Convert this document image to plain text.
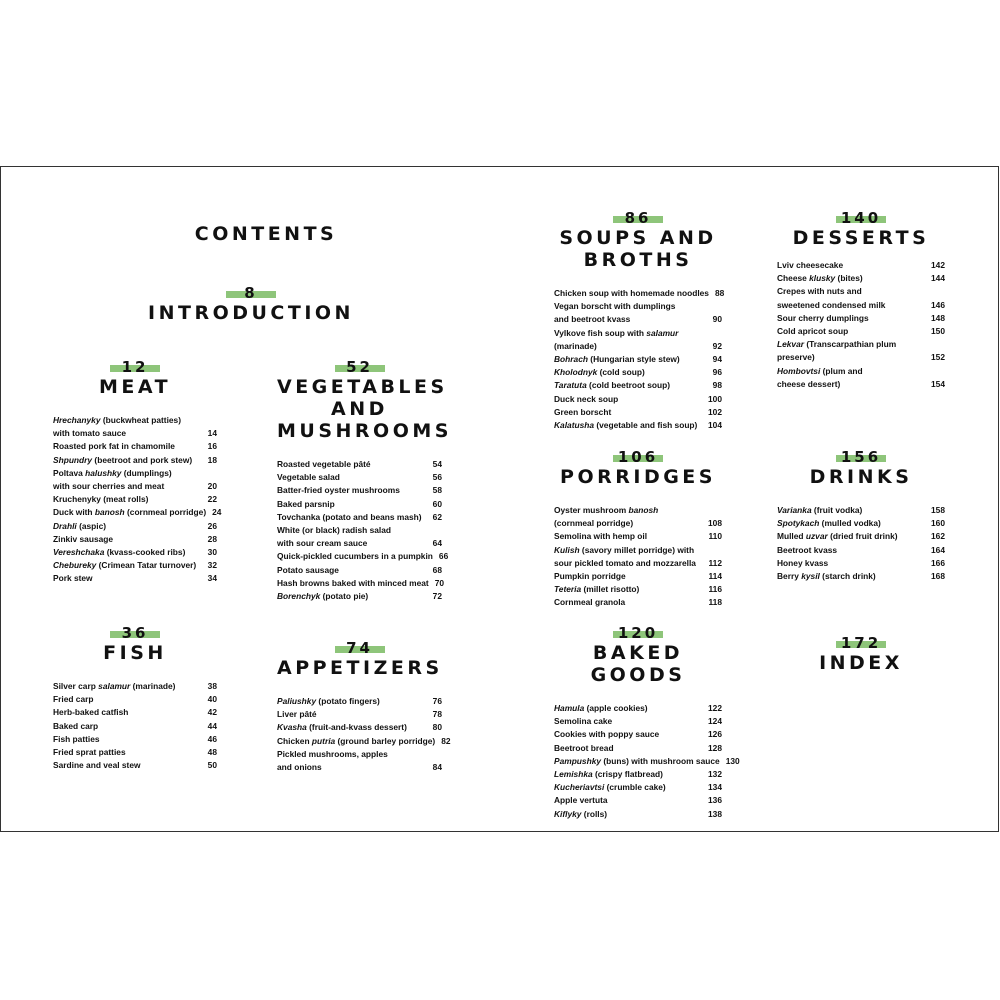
CONTENTS
8
INTRODUCTION
12
MEAT
Hrechanyky (buckwheat patties)
with tomato sauce	14
Roasted pork fat in chamomile	16
Shpundry (beetroot and pork stew) 18
Poltava halushky (dumplings)
with sour cherries and meat	20
Kruchenyky (meat rolls)	22
Duck with banosh (cornmeal porridge) 24
Drahli (aspic)	26
Zinkiv sausage	28
Vereshchaka (kvass-cooked ribs)	30
Chebureky (Crimean Tatar turnover) 32
Pork stew	34
52
VEGETABLES
AND
MUSHROOMS
Roasted vegetable pâté	54
Vegetable salad	56
Batter-fried oyster mushrooms	58
Baked parsnip	60
Tovchanka (potato and beans mash) 62
White (or black) radish salad
with sour cream sauce	64
Quick-pickled cucumbers in a pumpkin 66
Potato sausage	68
Hash browns baked with minced meat 70
Borenchyk (potato pie)	72
36
FISH
Silver carp salamur (marinade)	38
Fried carp	40
Herb-baked catfish	42
Baked carp	44
Fish patties	46
Fried sprat patties	48
Sardine and veal stew	50
74
APPETIZERS
Paliushky (potato fingers)	76
Liver pâté	78
Kvasha (fruit-and-kvass dessert)	80
Chicken putria (ground barley porridge) 82
Pickled mushrooms, apples
and onions	84
86
SOUPS AND
BROTHS
Chicken soup with homemade noodles 88
Vegan borscht with dumplings
and beetroot kvass	90
Vylkove fish soup with salamur
(marinade)	92
Bohrach (Hungarian style stew)	94
Kholodnyk (cold soup)	96
Taratuta (cold beetroot soup)	98
Duck neck soup	100
Green borscht	102
Kalatusha (vegetable and fish soup) 104
140
DESSERTS
Lviv cheesecake	142
Cheese klusky (bites)	144
Crepes with nuts and
sweetened condensed milk	146
Sour cherry dumplings	148
Cold apricot soup	150
Lekvar (Transcarpathian plum
preserve)	152
Hombovtsi (plum and
cheese dessert)	154
106
PORRIDGES
Oyster mushroom banosh
(cornmeal porridge)	108
Semolina with hemp oil	110
Kulish (savory millet porridge) with
sour pickled tomato and mozzarella 112
Pumpkin porridge	114
Teteria (millet risotto)	116
Cornmeal granola	118
156
DRINKS
Varianka (fruit vodka)	158
Spotykach (mulled vodka)	160
Mulled uzvar (dried fruit drink)	162
Beetroot kvass	164
Honey kvass	166
Berry kysil (starch drink)	168
120
BAKED GOODS
Hamula (apple cookies)	122
Semolina cake	124
Cookies with poppy sauce	126
Beetroot bread	128
Pampushky (buns) with mushroom sauce 130
Lemishka (crispy flatbread)	132
Kucheriavtsi (crumble cake)	134
Apple vertuta	136
Kiflyky (rolls)	138
172
INDEX
